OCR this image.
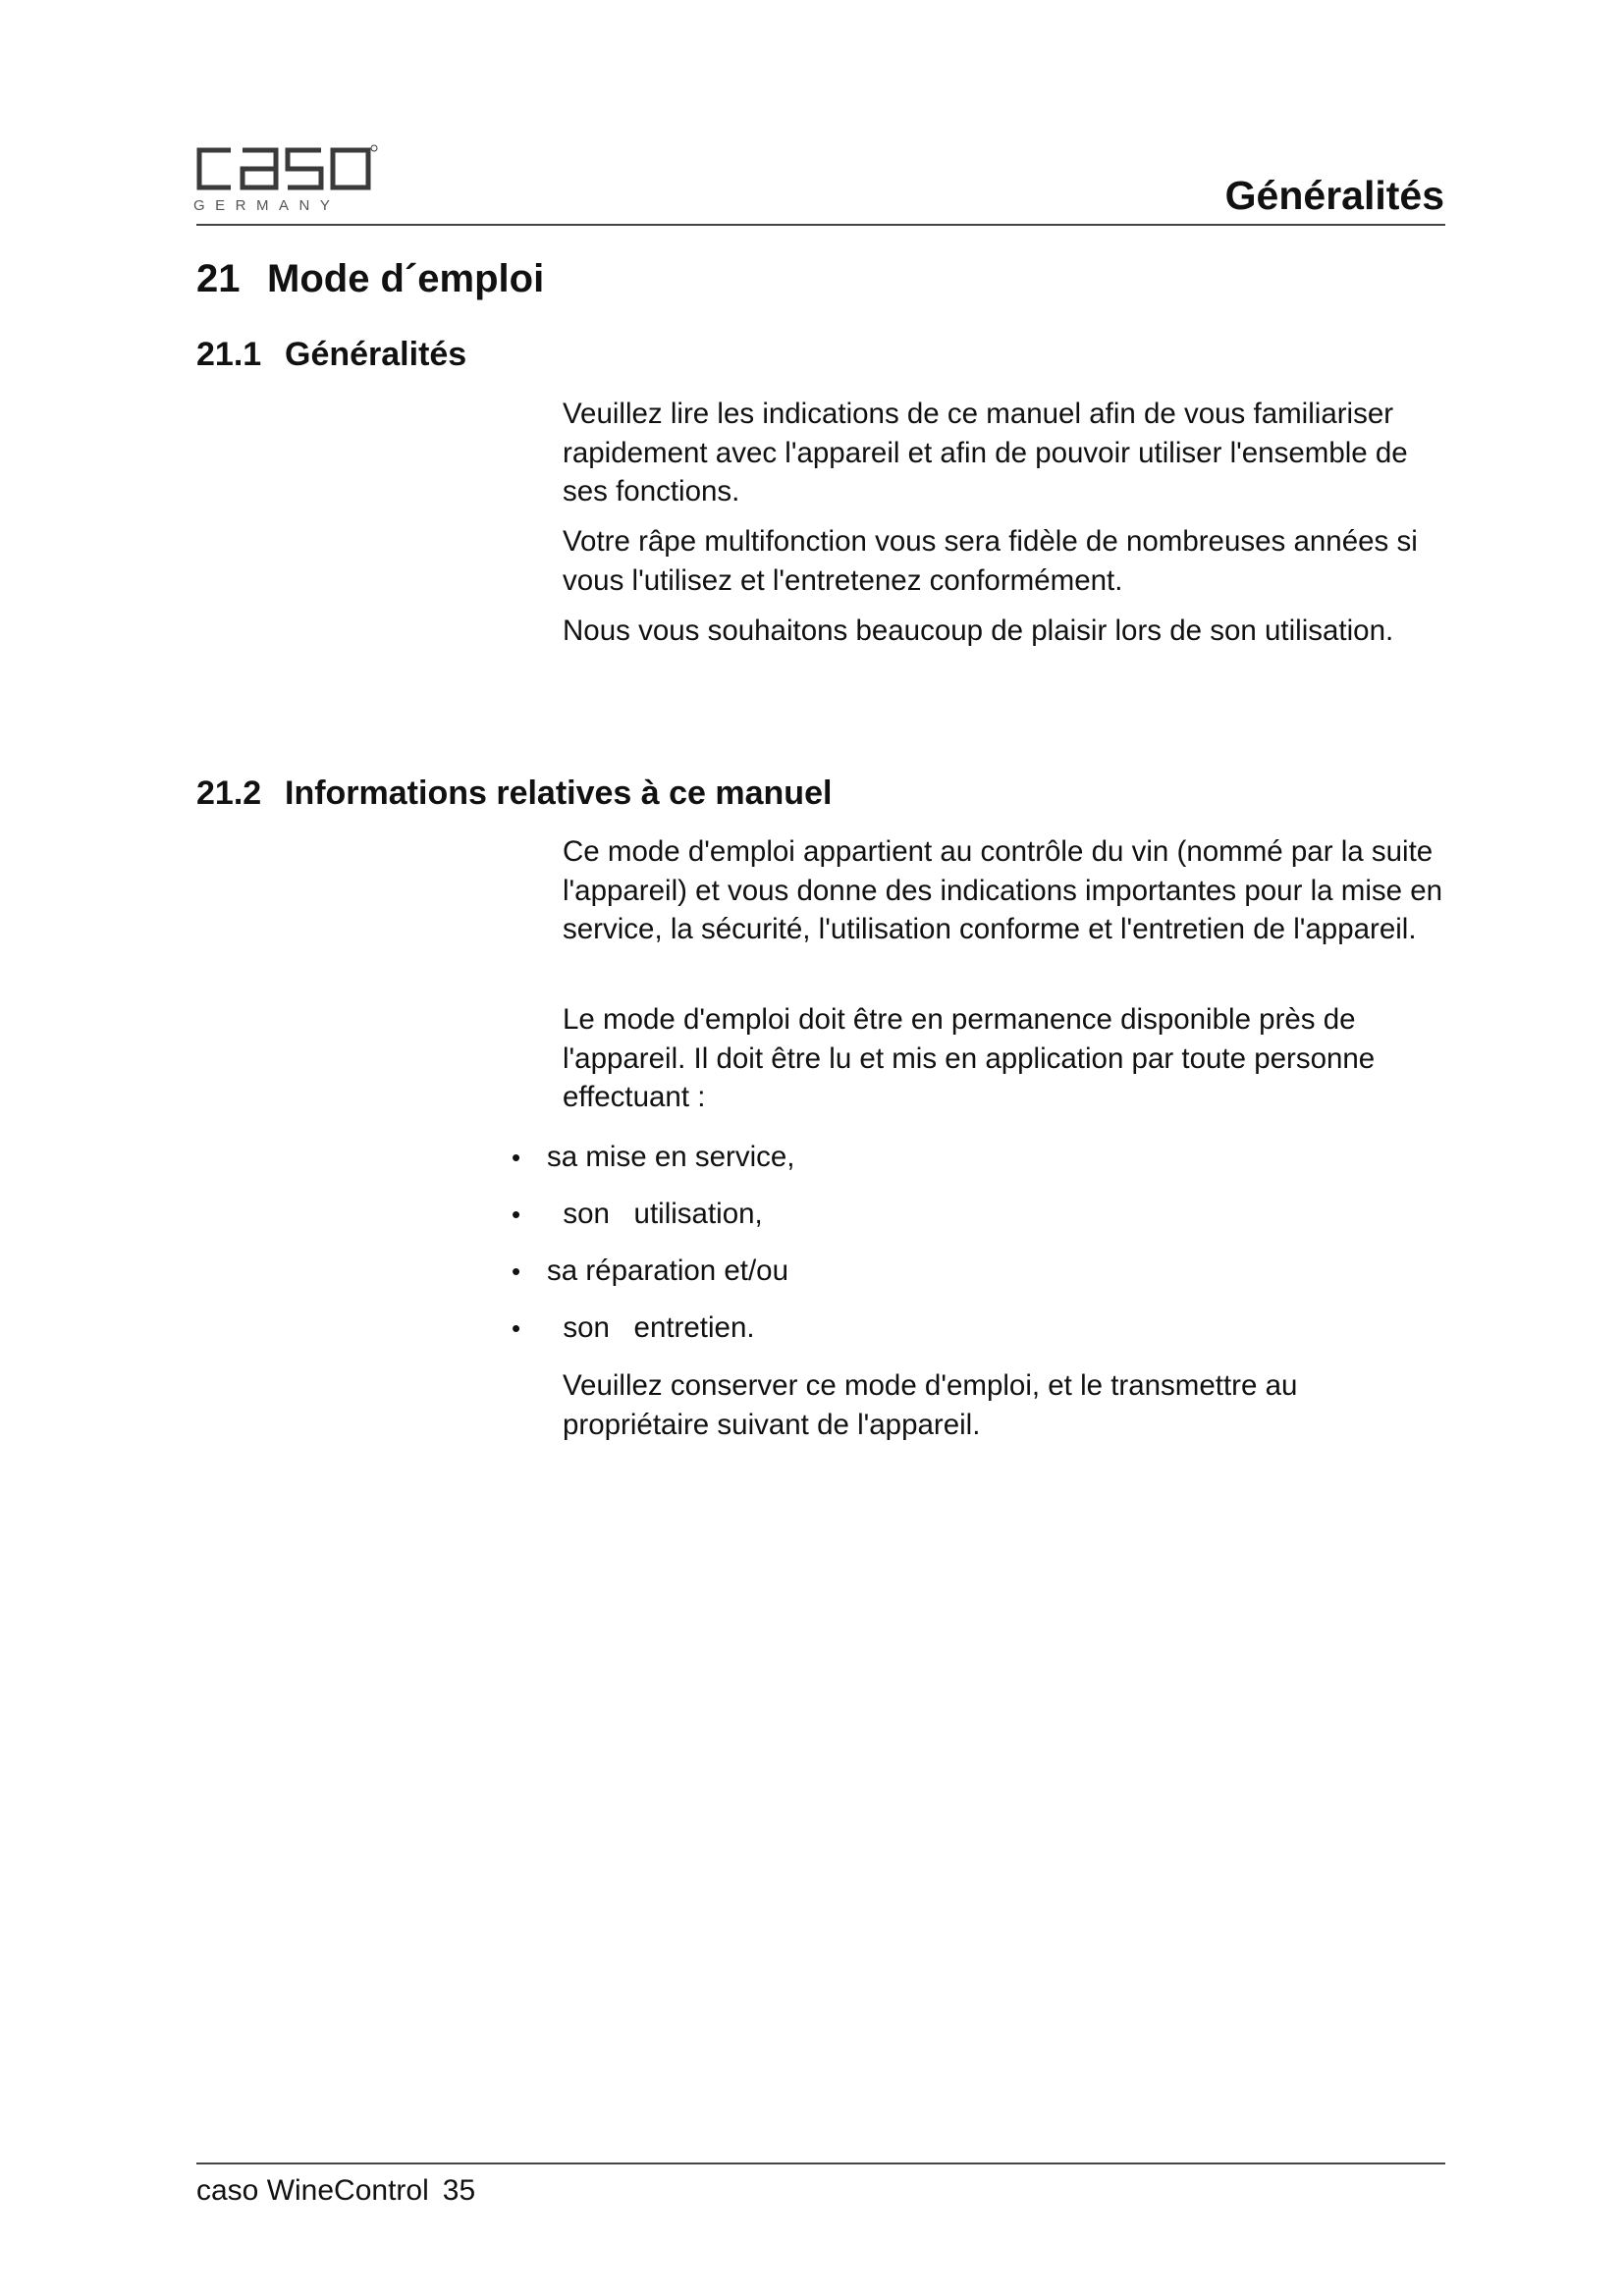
GERMANY	Généralités
21 Mode d´emploi
21.1 Généralités
Veuillez lire les indications de ce manuel afin de vous familiariser rapidement avec l'appareil et afin de pouvoir utiliser l'ensemble de ses fonctions.
Votre râpe multifonction vous sera fidèle de nombreuses années si vous l'utilisez et l'entretenez conformément.
Nous vous souhaitons beaucoup de plaisir lors de son utilisation.
21.2 Informations relatives à ce manuel
Ce mode d'emploi appartient au contrôle du vin (nommé par la suite l'appareil) et vous donne des indications importantes pour la mise en service, la sécurité, l'utilisation conforme et l'entretien de l'appareil.
Le mode d'emploi doit être en permanence disponible près de l'appareil. Il doit être lu et mis en application par toute personne effectuant :
• sa mise en service,
•  son   utilisation,
• sa réparation et/ou
•  son   entretien.
Veuillez conserver ce mode d'emploi, et le transmettre au propriétaire suivant de l'appareil.
caso WineControl 35
